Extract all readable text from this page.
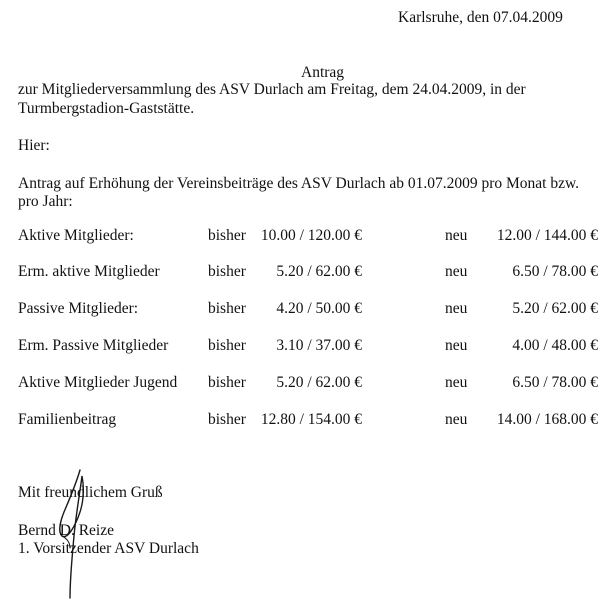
Karlsruhe, den 07.04.2009
Antrag
zur Mitgliederversammlung des ASV Durlach am Freitag, dem 24.04.2009, in der
Turmbergstadion-Gaststätte.
Hier:
Antrag auf Erhöhung der Vereinsbeiträge des ASV Durlach ab 01.07.2009 pro Monat bzw.
pro Jahr:
Aktive Mitglieder:	bisher 10.00 / 120.00 €	neu	12.00 / 144.00 €
Erm. aktive Mitglieder	bisher	5.20 / 62.00 €	neu	6.50 / 78.00 €
Passive Mitglieder:	bisher	4.20 / 50.00 €	neu	5.20 / 62.00 €
Erm. Passive Mitglieder	bisher	3.10 / 37.00 €	neu	4.00 / 48.00 €
Aktive Mitglieder Jugend bisher	5.20 / 62.00 €	neu	6.50 / 78.00 €
Familienbeitrag	bisher 12.80 / 154.00 €	neu	14.00 / 168.00 €
Mit freundlichem Gruß
Bernd D. Reize
1. Vorsitzender ASV Durlach
